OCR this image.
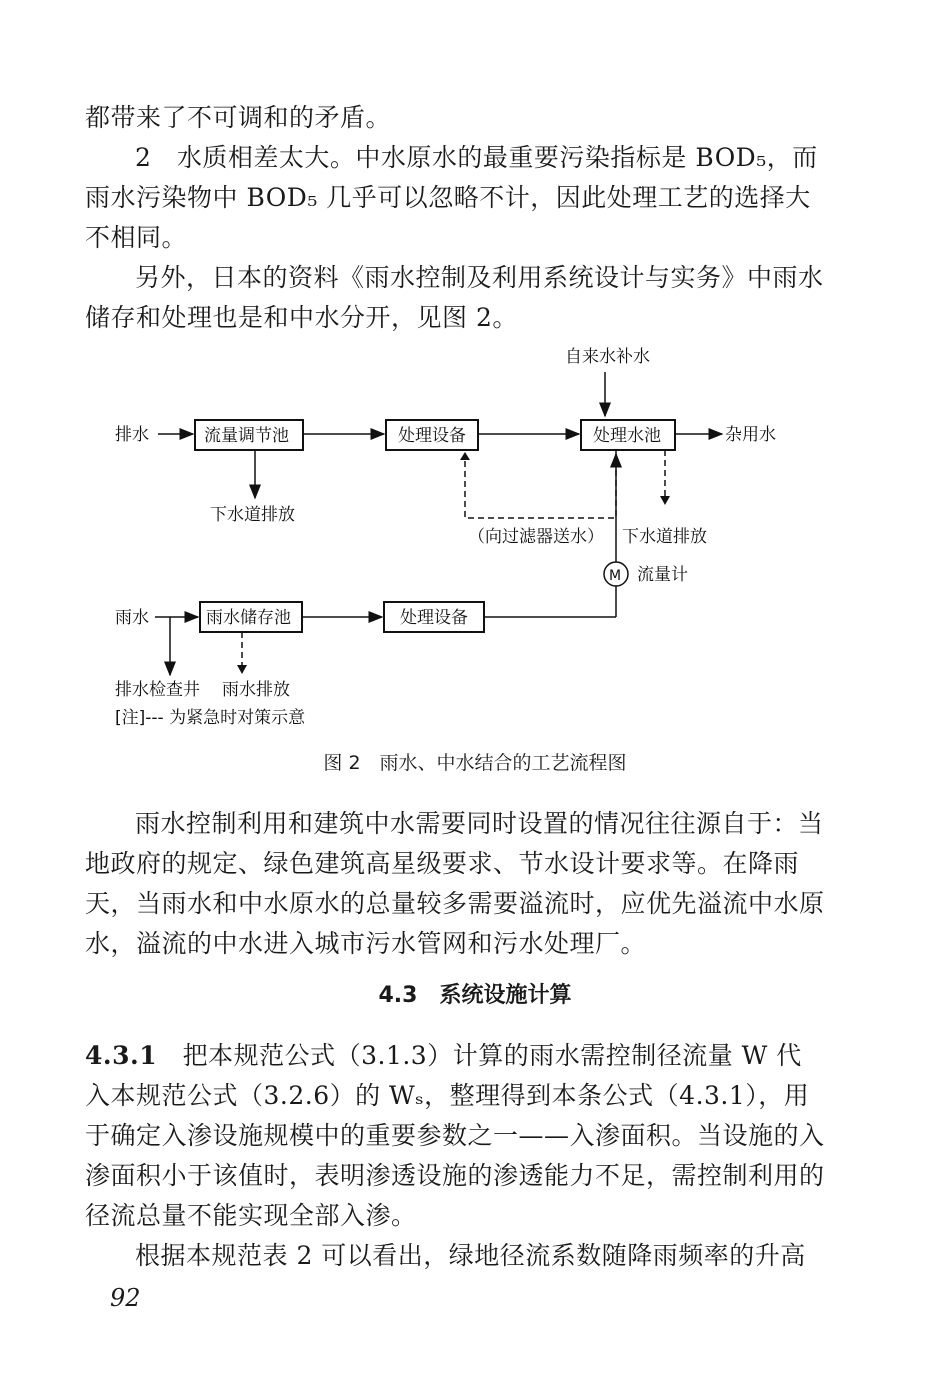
都带来了不可调和的矛盾。

2　水质相差太大。中水原水的最重要污染指标是 BOD₅，而雨水污染物中 BOD₅ 几乎可以忽略不计，因此处理工艺的选择大不相同。

另外，日本的资料《雨水控制及利用系统设计与实务》中雨水储存和处理也是和中水分开，见图 2。

自来水补水
排水	流量调节池	处理设备	处理水池	杂用水
下水道排放
（向过滤器送水） 下水道排放
M 流量计
雨水	雨水储存池	处理设备
排水检查井 雨水排放
[注]--- 为紧急时对策示意
图 2　雨水、中水结合的工艺流程图

雨水控制利用和建筑中水需要同时设置的情况往往源自于：当地政府的规定、绿色建筑高星级要求、节水设计要求等。在降雨天，当雨水和中水原水的总量较多需要溢流时，应优先溢流中水原水，溢流的中水进入城市污水管网和污水处理厂。

4.3　系统设施计算

4.3.1　把本规范公式（3.1.3）计算的雨水需控制径流量 W 代入本规范公式（3.2.6）的 Wₛ，整理得到本条公式（4.3.1），用于确定入渗设施规模中的重要参数之一——入渗面积。当设施的入渗面积小于该值时，表明渗透设施的渗透能力不足，需控制利用的径流总量不能实现全部入渗。

根据本规范表 2 可以看出，绿地径流系数随降雨频率的升高

92
